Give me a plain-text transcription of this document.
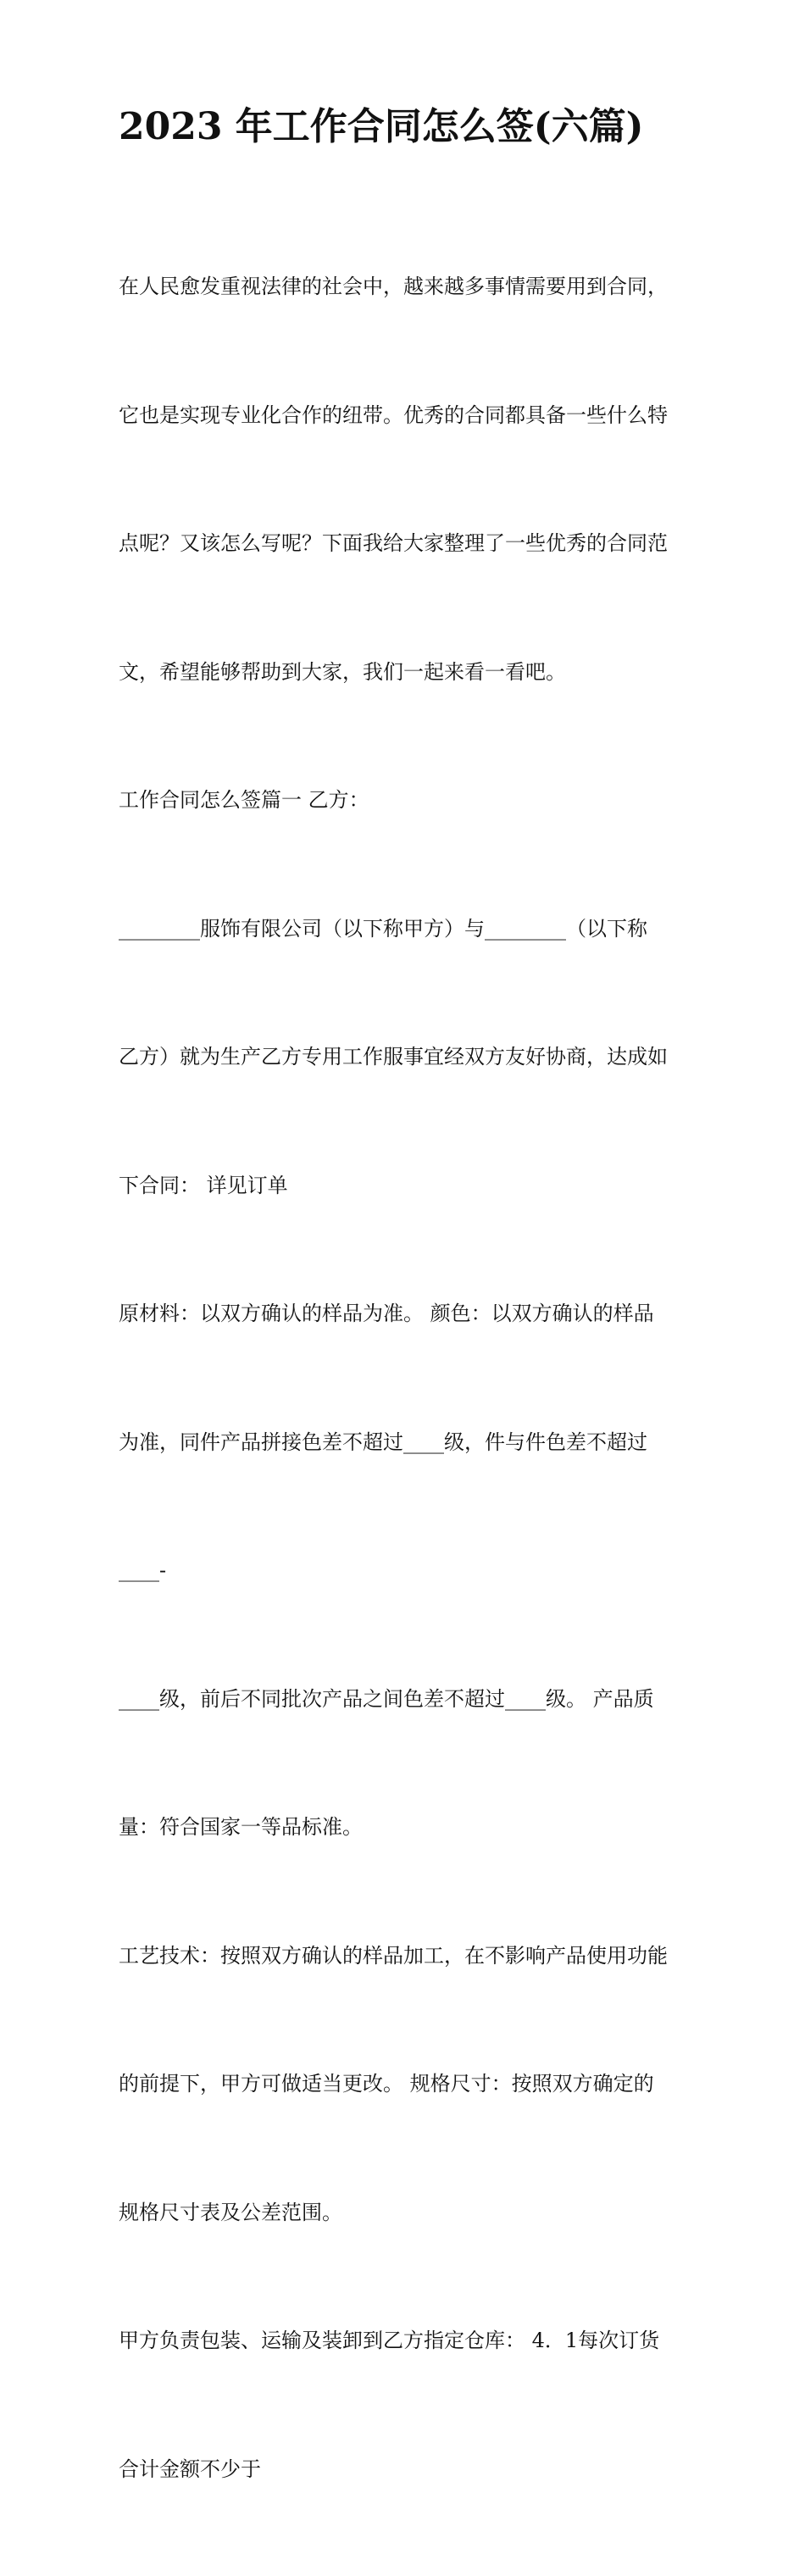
2023 年工作合同怎么签(六篇)

在人民愈发重视法律的社会中，越来越多事情需要用到合同，

它也是实现专业化合作的纽带。优秀的合同都具备一些什么特

点呢？又该怎么写呢？下面我给大家整理了一些优秀的合同范

文，希望能够帮助到大家，我们一起来看一看吧。

工作合同怎么签篇一 乙方：

________服饰有限公司（以下称甲方）与________（以下称

乙方）就为生产乙方专用工作服事宜经双方友好协商，达成如

下合同： 详见订单

原材料：以双方确认的样品为准。 颜色：以双方确认的样品

为准，同件产品拼接色差不超过____级，件与件色差不超过

____-

____级，前后不同批次产品之间色差不超过____级。 产品质

量：符合国家一等品标准。

工艺技术：按照双方确认的样品加工，在不影响产品使用功能

的前提下，甲方可做适当更改。 规格尺寸：按照双方确定的

规格尺寸表及公差范围。

甲方负责包装、运输及装卸到乙方指定仓库： 4．1每次订货

合计金额不少于
